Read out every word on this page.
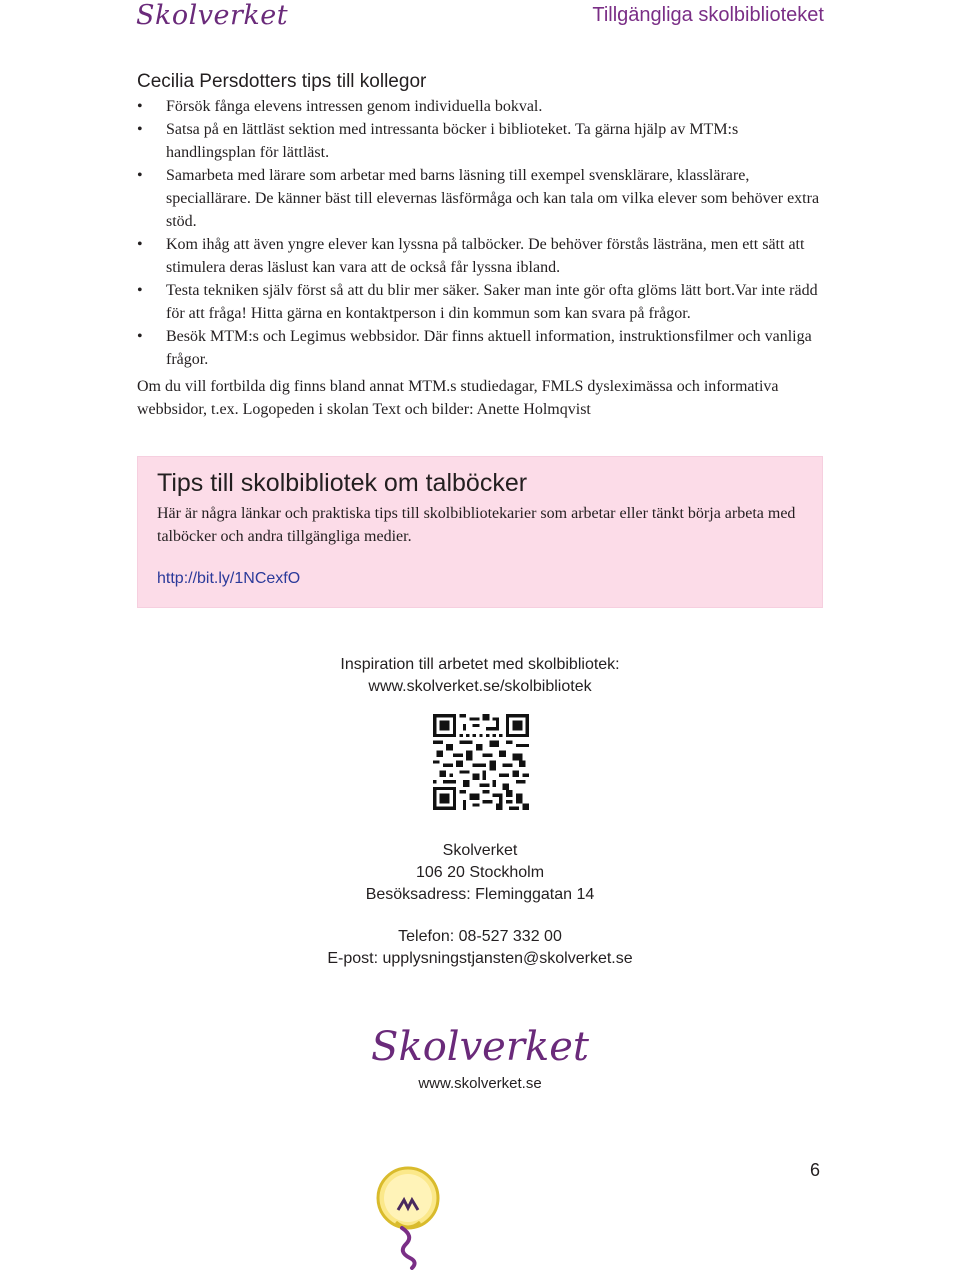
Skolverket	Tillgängliga skolbiblioteket
Cecilia Persdotters tips till kollegor
• Försök fånga elevens intressen genom individuella bokval.
• Satsa på en lättläst sektion med intressanta böcker i biblioteket. Ta gärna hjälp av MTM:s handlingsplan för lättläst.
• Samarbeta med lärare som arbetar med barns läsning till exempel svensklärare, klasslärare, speciallärare. De känner bäst till elevernas läsförmåga och kan tala om vilka elever som behöver extra stöd.
• Kom ihåg att även yngre elever kan lyssna på talböcker. De behöver förstås lästräna, men ett sätt att stimulera deras läslust kan vara att de också får lyssna ibland.
• Testa tekniken själv först så att du blir mer säker. Saker man inte gör ofta glöms lätt bort.Var inte rädd för att fråga! Hitta gärna en kontaktperson i din kommun som kan svara på frågor.
• Besök MTM:s och Legimus webbsidor. Där finns aktuell information, instruktionsfilmer och vanliga frågor.

Om du vill fortbilda dig finns bland annat MTM.s studiedagar, FMLS dysleximässa och informativa webbsidor, t.ex. Logopeden i skolan Text och bilder: Anette Holmqvist

Tips till skolbibliotek om talböcker

Här är några länkar och praktiska tips till skolbibliotekarier som arbetar eller tänkt börja arbeta med talböcker och andra tillgängliga medier.

http://bit.ly/1NCexfO
Inspiration till arbetet med skolbibliotek:
www.skolverket.se/skolbibliotek
Skolverket
106 20 Stockholm
Besöksadress: Fleminggatan 14
Telefon: 08-527 332 00
E-post: upplysningstjansten@skolverket.se
Skolverket
www.skolverket.se
6
